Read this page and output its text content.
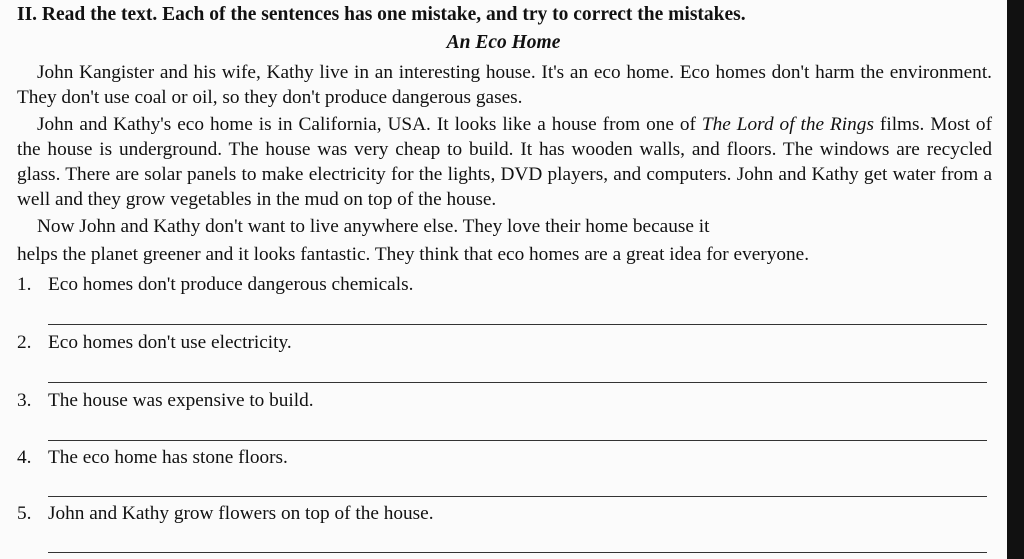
II. Read the text. Each of the sentences has one mistake, and try to correct the mistakes.
An Eco Home

John Kangister and his wife, Kathy live in an interesting house. It's an eco home. Eco homes don't harm the environment. They don't use coal or oil, so they don't produce dangerous gases.

John and Kathy's eco home is in California, USA. It looks like a house from one of The Lord of the Rings films. Most of the house is underground. The house was very cheap to build. It has wooden walls, and floors. The windows are recycled glass. There are solar panels to make electricity for the lights, DVD players, and computers. John and Kathy get water from a well and they grow vegetables in the mud on top of the house.

Now John and Kathy don't want to live anywhere else. They love their home because it
helps the planet greener and it looks fantastic. They think that eco homes are a great idea for everyone.
1. Eco homes don't produce dangerous chemicals.
2. Eco homes don't use electricity.
3. The house was expensive to build.
4. The eco home has stone floors.
5. John and Kathy grow flowers on top of the house.
